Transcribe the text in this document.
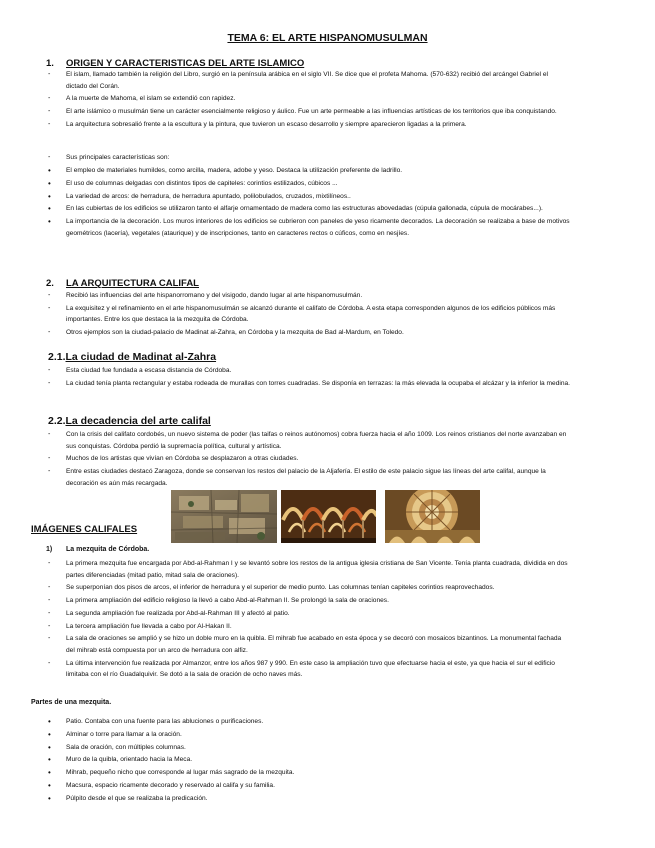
TEMA 6: EL ARTE HISPANOMUSULMAN
1. ORIGEN Y CARACTERISTICAS DEL ARTE ISLAMICO
- El islam, llamado también la religión del Libro, surgió en la península arábica en el siglo VII. Se dice que el profeta Mahoma. (570-632) recibió del arcángel Gabriel el dictado del Corán.
- A la muerte de Mahoma, el islam se extendió con rapidez.
- El arte islámico o musulmán tiene un carácter esencialmente religioso y áulico. Fue un arte permeable a las influencias artísticas de los territorios que iba conquistando.
- La arquitectura sobresalió frente a la escultura y la pintura, que tuvieron un escaso desarrollo y siempre aparecieron ligadas a la primera.
- Sus principales características son:
• El empleo de materiales humildes, como arcilla, madera, adobe y yeso. Destaca la utilización preferente de ladrillo.
• El uso de columnas delgadas con distintos tipos de capiteles: corintios estilizados, cúbicos ...
• La variedad de arcos: de herradura, de herradura apuntado, polilobulados, cruzados, mixtilíneos..
• En las cubiertas de los edificios se utilizaron tanto el alfarje ornamentado de madera como las estructuras abovedadas (cúpula gallonada, cúpula de mocárabes...).
• La importancia de la decoración. Los muros interiores de los edificios se cubrieron con paneles de yeso ricamente decorados. La decoración se realizaba a base de motivos geométricos (lacería), vegetales (ataurique) y de inscripciones, tanto en caracteres rectos o cúficos, como en nesjíes.
2. LA ARQUITECTURA CALIFAL
- Recibió las influencias del arte hispanorromano y del visigodo, dando lugar al arte hispanomusulmán.
- La exquisitez y el refinamiento en el arte hispanomusulmán se alcanzó durante el califato de Córdoba. A esta etapa corresponden algunos de los edificios públicos más importantes. Entre los que destaca la la mezquita de Córdoba.
- Otros ejemplos son la ciudad-palacio de Madinat al-Zahra, en Córdoba y la mezquita de Bad al-Mardum, en Toledo.
2.1.La ciudad de Madinat al-Zahra
- Esta ciudad fue fundada a escasa distancia de Córdoba.
- La ciudad tenía planta rectangular y estaba rodeada de murallas con torres cuadradas. Se disponía en terrazas: la más elevada la ocupaba el alcázar y la inferior la medina.
2.2.La decadencia del arte califal
- Con la crisis del califato cordobés, un nuevo sistema de poder (las taifas o reinos autónomos) cobra fuerza hacia el año 1009. Los reinos cristianos del norte avanzaban en sus conquistas. Córdoba perdió la supremacía política, cultural y artística.
- Muchos de los artistas que vivían en Córdoba se desplazaron a otras ciudades.
- Entre estas ciudades destacó Zaragoza, donde se conservan los restos del palacio de la Aljafería. El estilo de este palacio sigue las líneas del arte califal, aunque la decoración es aún más recargada.
IMÁGENES CALIFALES
1) La mezquita de Córdoba.
- La primera mezquita fue encargada por Abd-al-Rahman I y se levantó sobre los restos de la antigua iglesia cristiana de San Vicente. Tenía planta cuadrada, dividida en dos partes diferenciadas (mitad patio, mitad sala de oraciones).
- Se superponían dos pisos de arcos, el inferior de herradura y el superior de medio punto. Las columnas tenían capiteles corintios reaprovechados.
- La primera ampliación del edificio religioso la llevó a cabo Abd-al-Rahman II. Se prolongó la sala de oraciones.
- La segunda ampliación fue realizada por Abd-al-Rahman III y afectó al patio.
- La tercera ampliación fue llevada a cabo por Al-Hakan II.
- La sala de oraciones se amplió y se hizo un doble muro en la quibla. El mihrab fue acabado en esta época y se decoró con mosaicos bizantinos. La monumental fachada del mihrab está compuesta por un arco de herradura con alfiz.
- La última intervención fue realizada por Almanzor, entre los años 987 y 990. En este caso la ampliación tuvo que efectuarse hacia el este, ya que hacia el sur el edificio limitaba con el río Guadalquivir. Se dotó a la sala de oración de ocho naves más.
Partes de una mezquita.
• Patio. Contaba con una fuente para las abluciones o purificaciones.
• Alminar o torre para llamar a la oración.
• Sala de oración, con múltiples columnas.
• Muro de la quibla, orientado hacia la Meca.
• Mihrab, pequeño nicho que corresponde al lugar más sagrado de la mezquita.
• Macsura, espacio ricamente decorado y reservado al califa y su familia.
• Púlpito desde el que se realizaba la predicación.
